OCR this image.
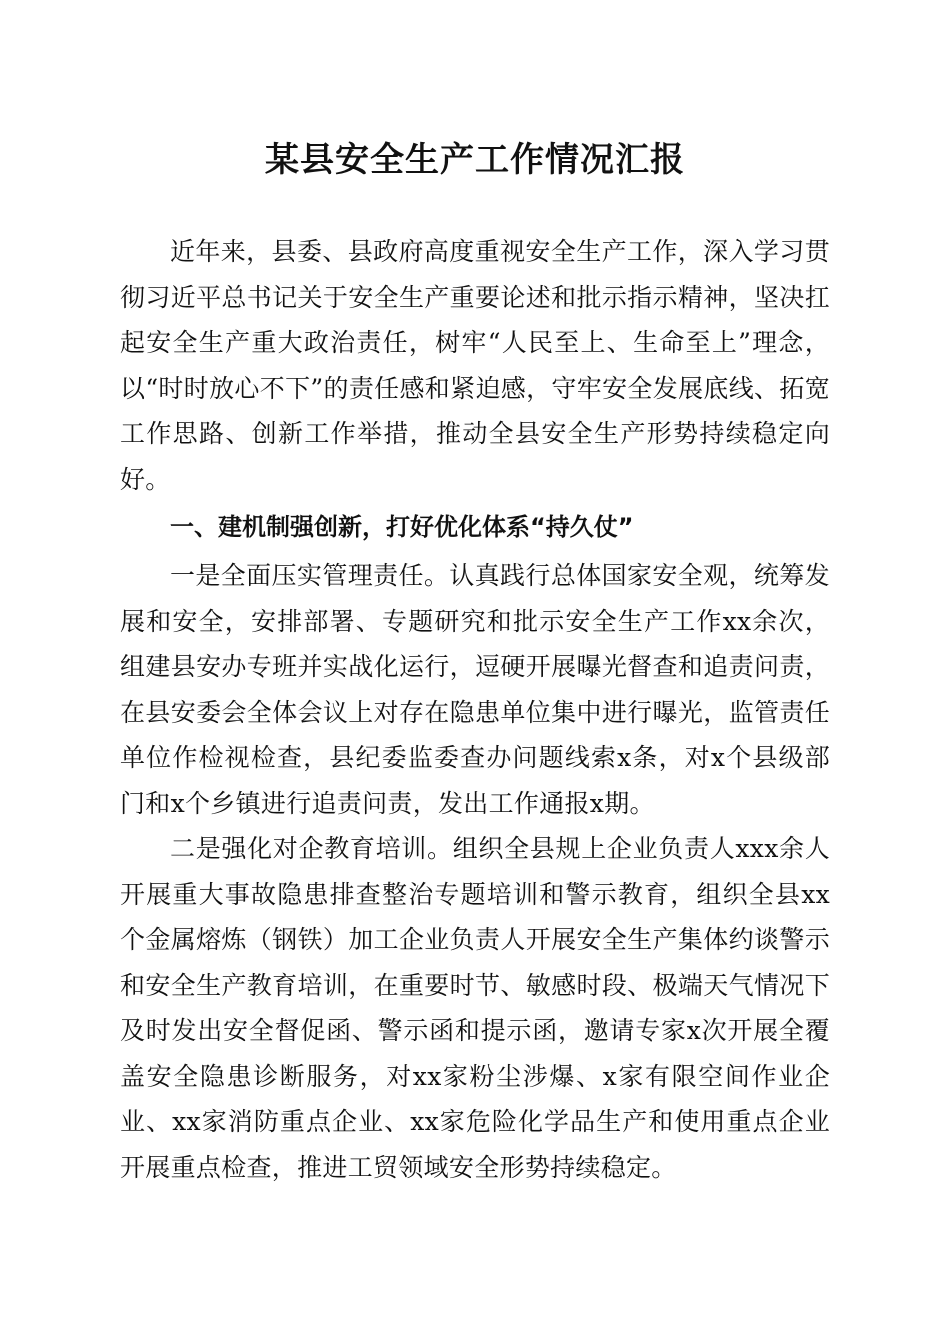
某县安全生产工作情况汇报

近年来，县委、县政府高度重视安全生产工作，深入学习贯彻习近平总书记关于安全生产重要论述和批示指示精神，坚决扛起安全生产重大政治责任，树牢“人民至上、生命至上”理念，以“时时放心不下”的责任感和紧迫感，守牢安全发展底线、拓宽工作思路、创新工作举措，推动全县安全生产形势持续稳定向好。

一、建机制强创新，打好优化体系“持久仗”

一是全面压实管理责任。认真践行总体国家安全观，统筹发展和安全，安排部署、专题研究和批示安全生产工作xx余次，组建县安办专班并实战化运行，逗硬开展曝光督查和追责问责，在县安委会全体会议上对存在隐患单位集中进行曝光，监管责任单位作检视检查，县纪委监委查办问题线索x条，对x个县级部门和x个乡镇进行追责问责，发出工作通报x期。

二是强化对企教育培训。组织全县规上企业负责人xxx余人开展重大事故隐患排查整治专题培训和警示教育，组织全县xx个金属熔炼（钢铁）加工企业负责人开展安全生产集体约谈警示和安全生产教育培训，在重要时节、敏感时段、极端天气情况下及时发出安全督促函、警示函和提示函，邀请专家x次开展全覆盖安全隐患诊断服务，对xx家粉尘涉爆、x家有限空间作业企业、xx家消防重点企业、xx家危险化学品生产和使用重点企业开展重点检查，推进工贸领域安全形势持续稳定。
